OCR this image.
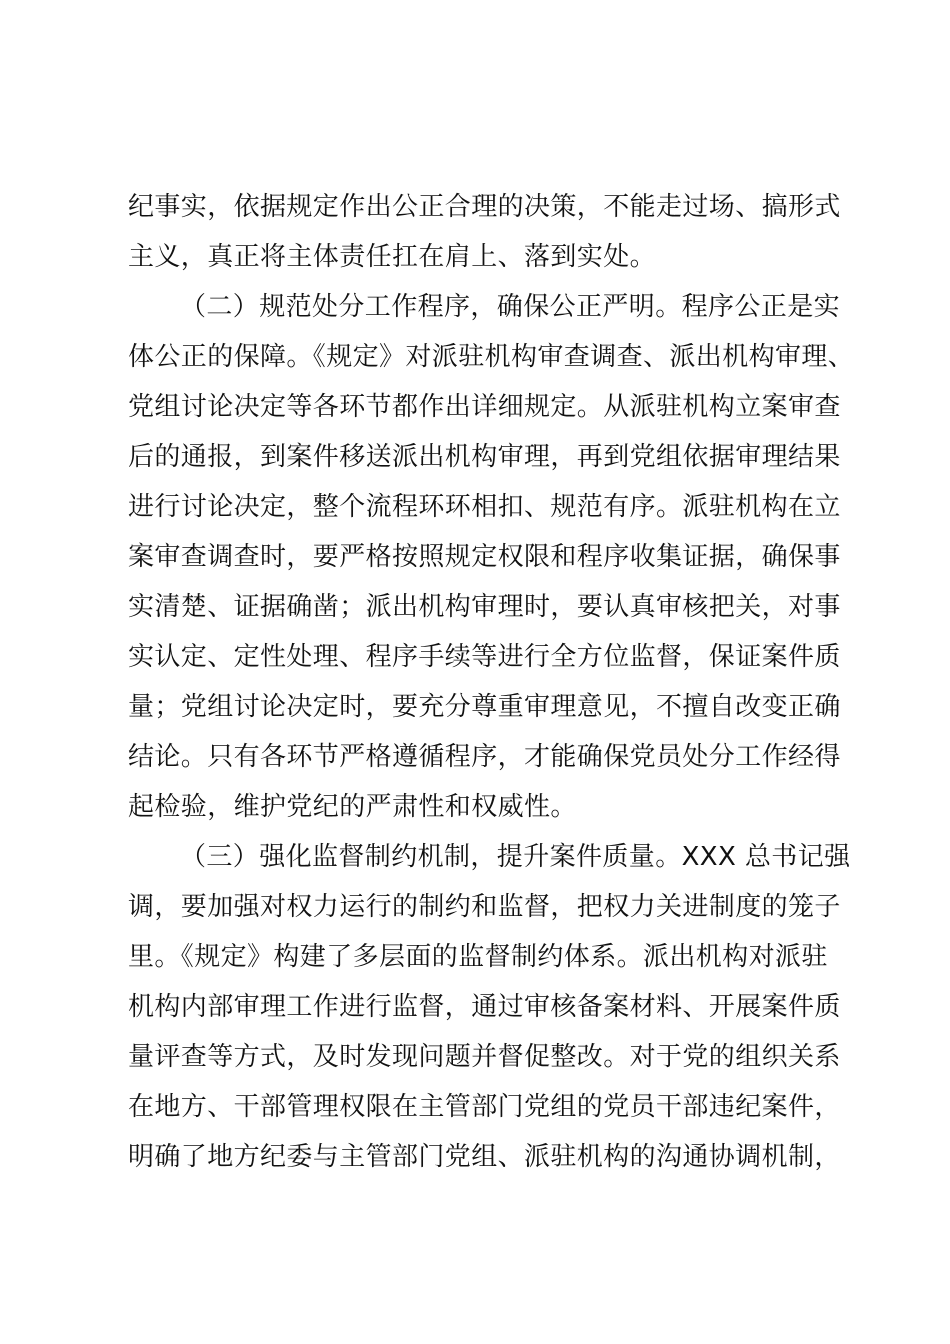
纪事实，依据规定作出公正合理的决策，不能走过场、搞形式
主义，真正将主体责任扛在肩上、落到实处。
（二）规范处分工作程序，确保公正严明。程序公正是实
体公正的保障。《规定》对派驻机构审查调查、派出机构审理、
党组讨论决定等各环节都作出详细规定。从派驻机构立案审查
后的通报，到案件移送派出机构审理，再到党组依据审理结果
进行讨论决定，整个流程环环相扣、规范有序。派驻机构在立
案审查调查时，要严格按照规定权限和程序收集证据，确保事
实清楚、证据确凿；派出机构审理时，要认真审核把关，对事
实认定、定性处理、程序手续等进行全方位监督，保证案件质
量；党组讨论决定时，要充分尊重审理意见，不擅自改变正确
结论。只有各环节严格遵循程序，才能确保党员处分工作经得
起检验，维护党纪的严肃性和权威性。
（三）强化监督制约机制，提升案件质量。XXX 总书记强
调，要加强对权力运行的制约和监督，把权力关进制度的笼子
里。《规定》构建了多层面的监督制约体系。派出机构对派驻
机构内部审理工作进行监督，通过审核备案材料、开展案件质
量评查等方式，及时发现问题并督促整改。对于党的组织关系
在地方、干部管理权限在主管部门党组的党员干部违纪案件，
明确了地方纪委与主管部门党组、派驻机构的沟通协调机制，
